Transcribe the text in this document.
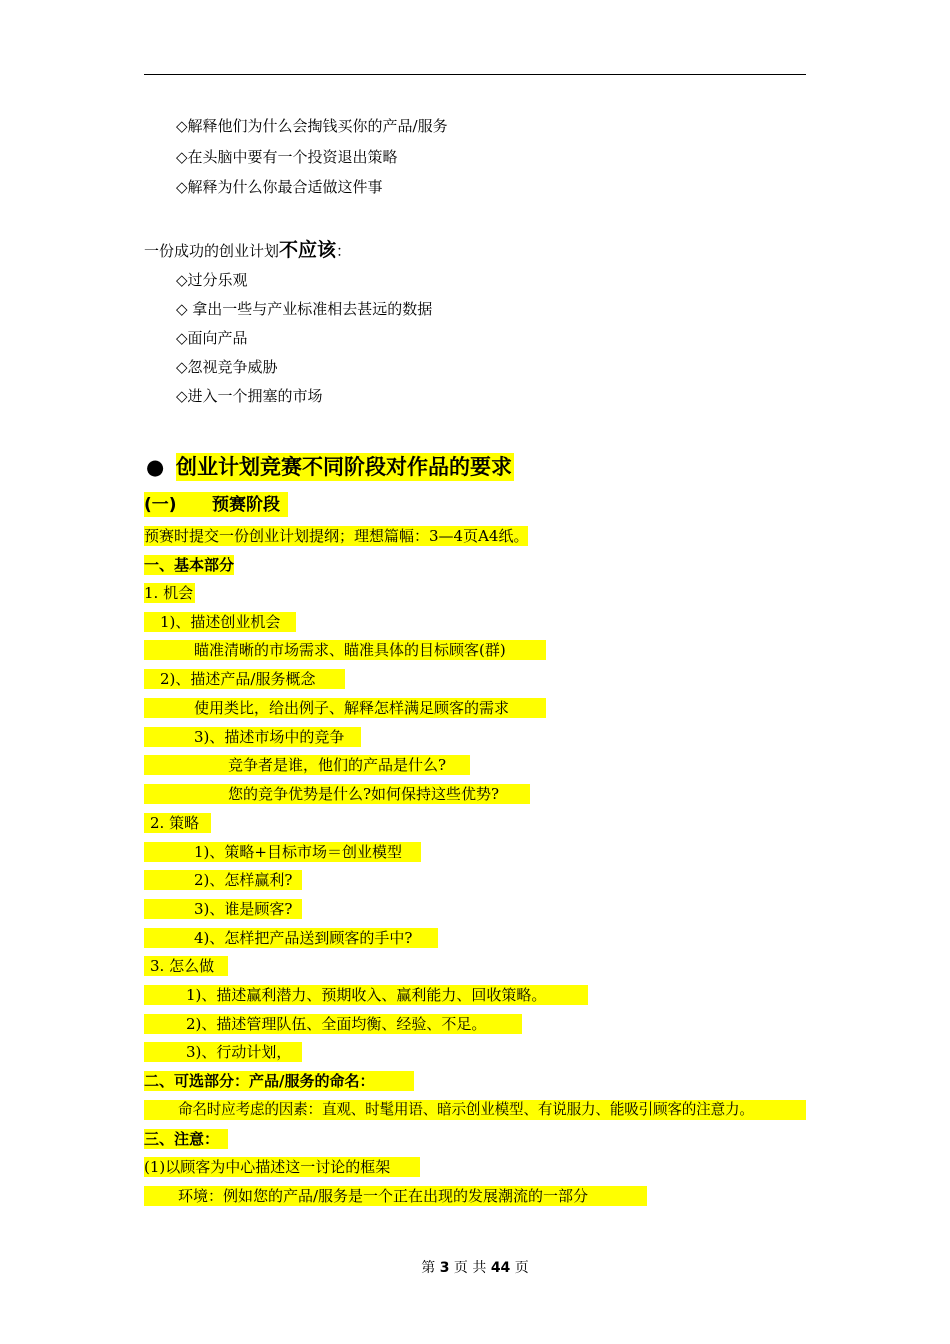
◇解释他们为什么会掏钱买你的产品/服务
◇在头脑中要有一个投资退出策略
◇解释为什么你最合适做这件事
一份成功的创业计划不应该：
◇过分乐观
◇ 拿出一些与产业标准相去甚远的数据
◇面向产品
◇忽视竞争威胁
◇进入一个拥塞的市场
● 创业计划竞赛不同阶段对作品的要求
(一) 预赛阶段
预赛时提交一份创业计划提纲；理想篇幅：3—4页A4纸。
一、基本部分
1. 机会
1)、描述创业机会
瞄准清晰的市场需求、瞄准具体的目标顾客(群)
2)、描述产品/服务概念
使用类比，给出例子、解释怎样满足顾客的需求
3)、描述市场中的竞争
竞争者是谁，他们的产品是什么?
您的竞争优势是什么?如何保持这些优势?
2. 策略
1)、策略+目标市场＝创业模型
2)、怎样赢利?
3)、谁是顾客?
4)、怎样把产品送到顾客的手中?
3. 怎么做
1)、描述赢利潜力、预期收入、赢利能力、回收策略。
2)、描述管理队伍、全面均衡、经验、不足。
3)、行动计划，
二、可选部分：产品/服务的命名：
命名时应考虑的因素：直观、时髦用语、暗示创业模型、有说服力、能吸引顾客的注意力。
三、注意：
(1)以顾客为中心描述这一讨论的框架
环境：例如您的产品/服务是一个正在出现的发展潮流的一部分
第 3 页 共 44 页
